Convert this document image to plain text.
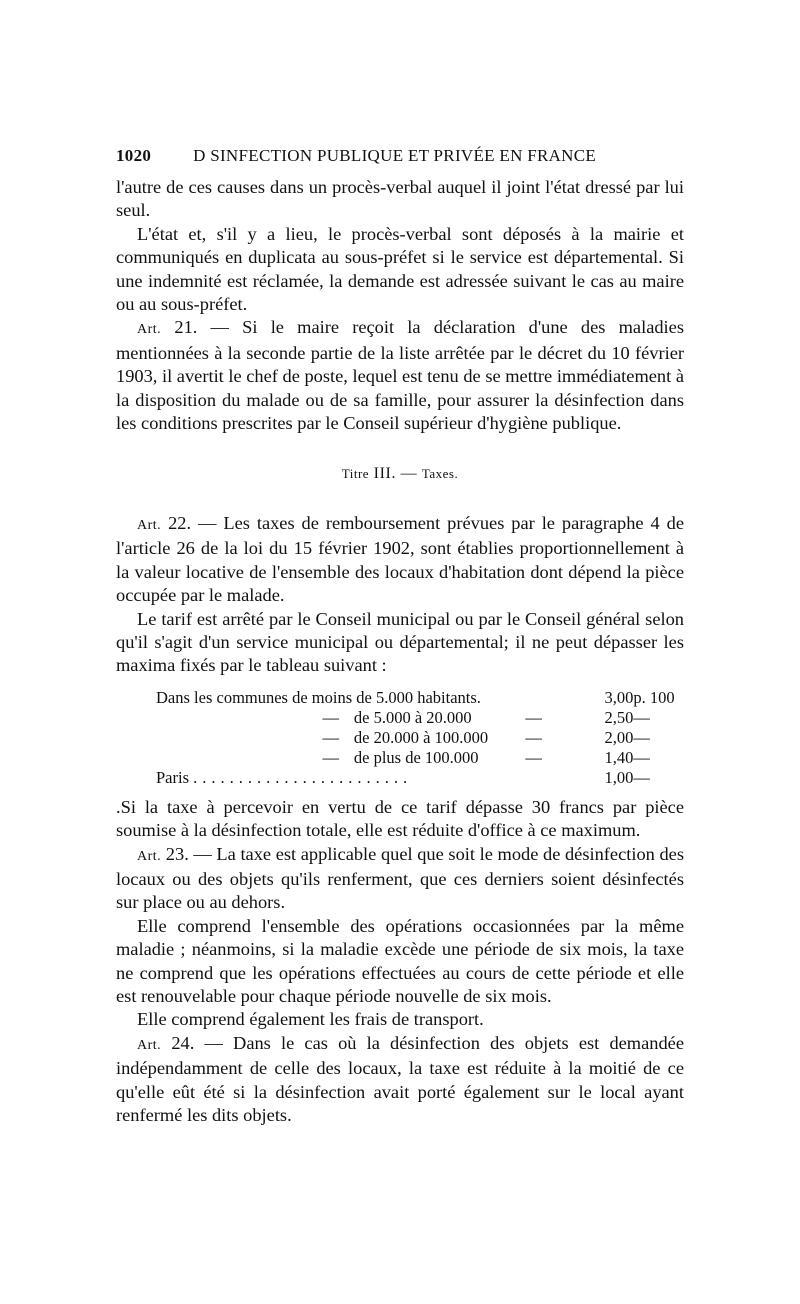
1020	D SINFECTION PUBLIQUE ET PRIVÉE EN FRANCE

l'autre de ces causes dans un procès-verbal auquel il joint l'état dressé par lui seul.

L'état et, s'il y a lieu, le procès-verbal sont déposés à la mairie et communiqués en duplicata au sous-préfet si le service est départemental. Si une indemnité est réclamée, la demande est adressée suivant le cas au maire ou au sous-préfet.

Art. 21. — Si le maire reçoit la déclaration d'une des maladies mentionnées à la seconde partie de la liste arrêtée par le décret du 10 février 1903, il avertit le chef de poste, lequel est tenu de se mettre immédiatement à la disposition du malade ou de sa famille, pour assurer la désinfection dans les conditions prescrites par le Conseil supérieur d'hygiène publique.

Titre III. — Taxes.

Art. 22. — Les taxes de remboursement prévues par le paragraphe 4 de l'article 26 de la loi du 15 février 1902, sont établies proportionnellement à la valeur locative de l'ensemble des locaux d'habitation dont dépend la pièce occupée par le malade.

Le tarif est arrêté par le Conseil municipal ou par le Conseil général selon qu'il s'agit d'un service municipal ou départemental; il ne peut dépasser les maxima fixés par le tableau suivant :

Dans les communes de moins de 5.000 habitants.				3,00	p. 100
	—	de 5.000 à 20.000	—	2,50	—
	—	de 20.000 à 100.000	—	2,00	—
	—	de plus de 100.000	—	1,40	—
Paris ........................				1,00	—

.Si la taxe à percevoir en vertu de ce tarif dépasse 30 francs par pièce soumise à la désinfection totale, elle est réduite d'office à ce maximum.

Art. 23. — La taxe est applicable quel que soit le mode de désinfection des locaux ou des objets qu'ils renferment, que ces derniers soient désinfectés sur place ou au dehors.

Elle comprend l'ensemble des opérations occasionnées par la même maladie ; néanmoins, si la maladie excède une période de six mois, la taxe ne comprend que les opérations effectuées au cours de cette période et elle est renouvelable pour chaque période nouvelle de six mois.

Elle comprend également les frais de transport.

Art. 24. — Dans le cas où la désinfection des objets est demandée indépendamment de celle des locaux, la taxe est réduite à la moitié de ce qu'elle eût été si la désinfection avait porté également sur le local ayant renfermé les dits objets.
